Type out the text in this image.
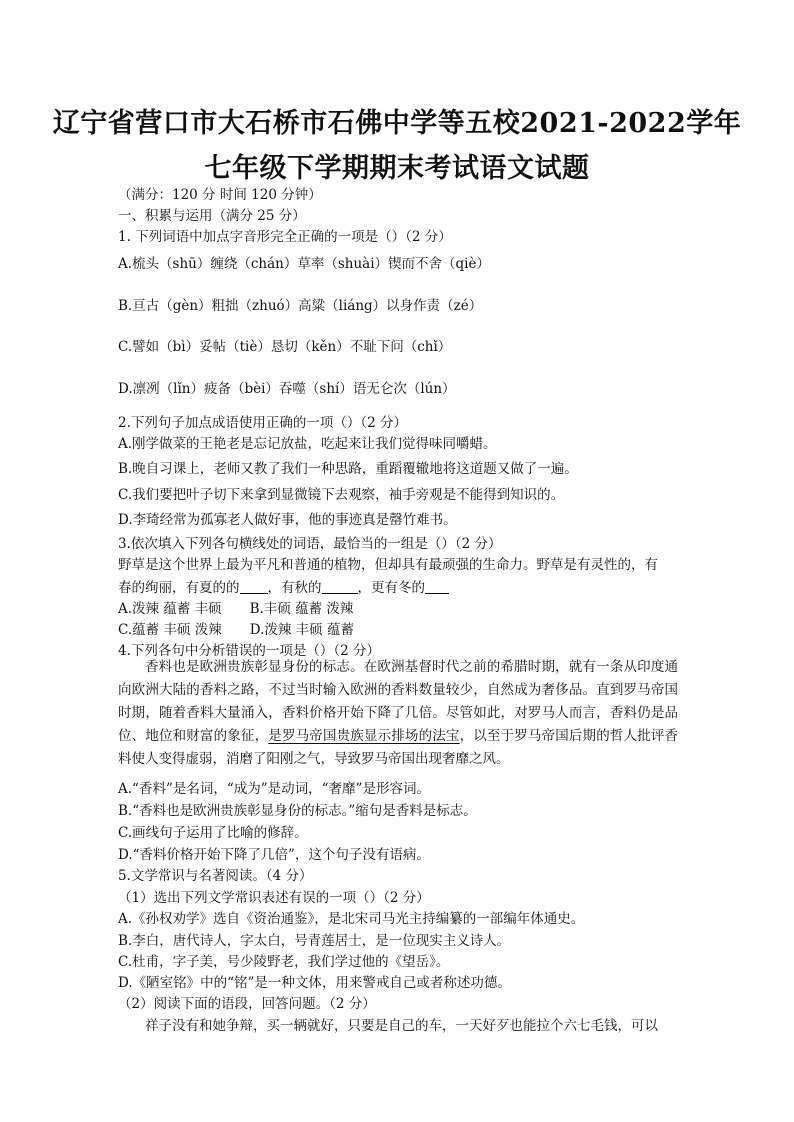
辽宁省营口市大石桥市石佛中学等五校2021-2022学年
七年级下学期期末考试语文试题
（满分：120 分 时间 120 分钟）
一、积累与运用（满分 25 分）
1. 下列词语中加点字音形完全正确的一项是（）（2 分）
A.梳头（shū）缠绕（chán）草率（shuài）锲而不舍（qiè）
B.亘古（gèn）粗拙（zhuó）高粱（liáng）以身作责（zé）
C.譬如（bì）妥帖（tiè）恳切（kěn）不耻下问（chǐ）
D.凛冽（lǐn）疲备（bèi）吞噬（shí）语无仑次（lún）
2.下列句子加点成语使用正确的一项（）（2 分）
A.刚学做菜的王艳老是忘记放盐，吃起来让我们觉得味同嚼蜡。
B.晚自习课上，老师又教了我们一种思路，重蹈覆辙地将这道题又做了一遍。
C.我们要把叶子切下来拿到显微镜下去观察，袖手旁观是不能得到知识的。
D.李琦经常为孤寡老人做好事，他的事迹真是罄竹难书。
3.依次填入下列各句横线处的词语，最恰当的一组是（）（2 分）
野草是这个世界上最为平凡和普通的植物，但却具有最顽强的生命力。野草是有灵性的，有
春的绚丽，有夏的的 ，有秋的	，更有冬的
A.泼辣 蕴蓄 丰硕 B.丰硕 蕴蓄 泼辣
C.蕴蓄 丰硕 泼辣 D.泼辣 丰硕 蕴蓄
4.下列各句中分析错误的一项是（）（2 分）
香料也是欧洲贵族彰显身份的标志。在欧洲基督时代之前的希腊时期，就有一条从印度通向欧洲大陆的香料之路，不过当时输入欧洲的香料数量较少，自然成为奢侈品。直到罗马帝国时期，随着香料大量涌入，香料价格开始下降了几倍。尽管如此，对罗马人而言，香料仍是品位、地位和财富的象征，是罗马帝国贵族显示排场的法宝，以至于罗马帝国后期的哲人批评香料使人变得虚弱，消磨了阳刚之气，导致罗马帝国出现奢靡之风。
A.“香料”是名词，“成为”是动词，“奢靡”是形容词。
B.“香料也是欧洲贵族彰显身份的标志。”缩句是香料是标志。
C.画线句子运用了比喻的修辞。
D.“香料价格开始下降了几倍”，这个句子没有语病。
5.文学常识与名著阅读。（4 分）
（1）选出下列文学常识表述有误的一项（）（2 分）
A.《孙权劝学》选自《资治通鉴》，是北宋司马光主持编纂的一部编年体通史。
B.李白，唐代诗人，字太白，号青莲居士，是一位现实主义诗人。
C.杜甫，字子美，号少陵野老，我们学过他的《望岳》。
D.《陋室铭》中的“铭”是一种文体，用来警戒自己或者称述功德。
（2）阅读下面的语段，回答问题。（2 分）
祥子没有和她争辩，买一辆就好，只要是自己的车，一天好歹也能拉个六七毛钱，可以
